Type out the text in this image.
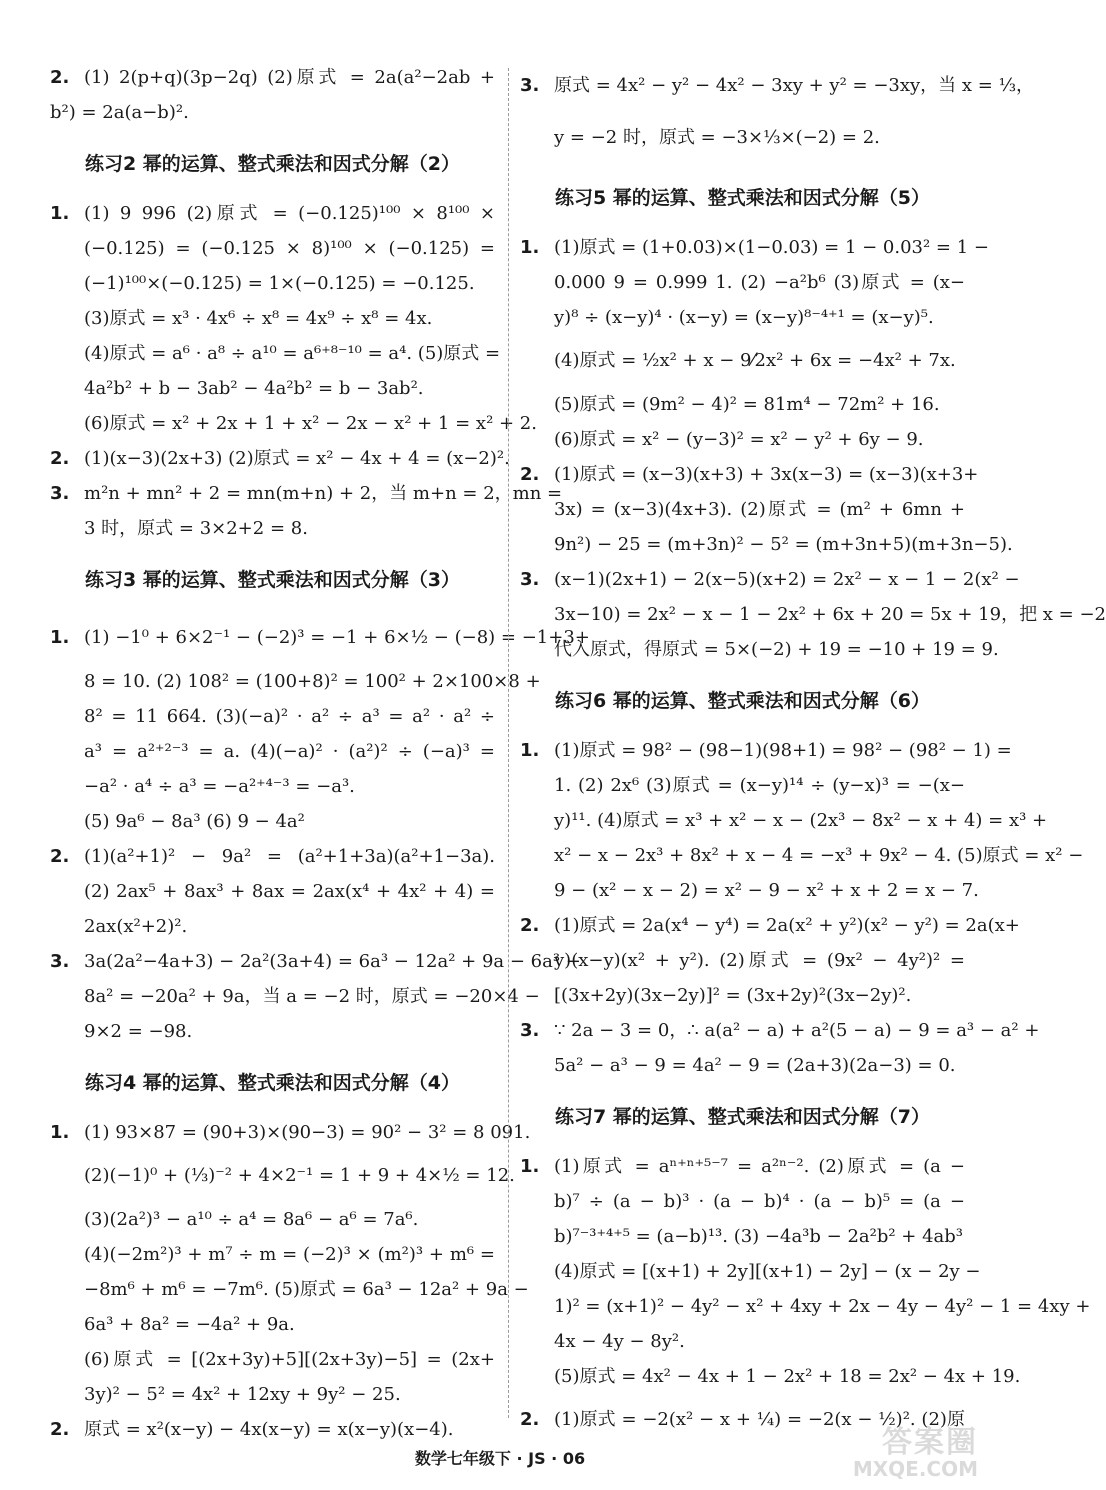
2. (1) 2(p+q)(3p−2q) (2)原式 = 2a(a²−2ab +
b²) = 2a(a−b)².
练习2 幂的运算、整式乘法和因式分解（2）
1. (1) 9 996 (2)原式 = (−0.125)¹⁰⁰ × 8¹⁰⁰ ×
(−0.125) = (−0.125 × 8)¹⁰⁰ × (−0.125) =
(−1)¹⁰⁰×(−0.125) = 1×(−0.125) = −0.125.
(3)原式 = x³ · 4x⁶ ÷ x⁸ = 4x⁹ ÷ x⁸ = 4x.
(4)原式 = a⁶ · a⁸ ÷ a¹⁰ = a⁶⁺⁸⁻¹⁰ = a⁴. (5)原式 =
4a²b² + b − 3ab² − 4a²b² = b − 3ab².
(6)原式 = x² + 2x + 1 + x² − 2x − x² + 1 = x² + 2.
2. (1)(x−3)(2x+3) (2)原式 = x² − 4x + 4 = (x−2)².
3. m²n + mn² + 2 = mn(m+n) + 2，当 m+n = 2，mn =
3 时，原式 = 3×2+2 = 8.
练习3 幂的运算、整式乘法和因式分解（3）
1. (1) −1⁰ + 6×2⁻¹ − (−2)³ = −1 + 6×½ − (−8) = −1+3+
8 = 10. (2) 108² = (100+8)² = 100² + 2×100×8 +
8² = 11 664. (3)(−a)² · a² ÷ a³ = a² · a² ÷
a³ = a²⁺²⁻³ = a. (4)(−a)² · (a²)² ÷ (−a)³ =
−a² · a⁴ ÷ a³ = −a²⁺⁴⁻³ = −a³.
(5) 9a⁶ − 8a³ (6) 9 − 4a²
2. (1)(a²+1)² − 9a² = (a²+1+3a)(a²+1−3a).
(2) 2ax⁵ + 8ax³ + 8ax = 2ax(x⁴ + 4x² + 4) =
2ax(x²+2)².
3. 3a(2a²−4a+3) − 2a²(3a+4) = 6a³ − 12a² + 9a − 6a³ −
8a² = −20a² + 9a，当 a = −2 时，原式 = −20×4 −
9×2 = −98.
练习4 幂的运算、整式乘法和因式分解（4）
1. (1) 93×87 = (90+3)×(90−3) = 90² − 3² = 8 091.
(2)(−1)⁰ + (⅓)⁻² + 4×2⁻¹ = 1 + 9 + 4×½ = 12.
(3)(2a²)³ − a¹⁰ ÷ a⁴ = 8a⁶ − a⁶ = 7a⁶.
(4)(−2m²)³ + m⁷ ÷ m = (−2)³ × (m²)³ + m⁶ =
−8m⁶ + m⁶ = −7m⁶. (5)原式 = 6a³ − 12a² + 9a −
6a³ + 8a² = −4a² + 9a.
(6)原式 = [(2x+3y)+5][(2x+3y)−5] = (2x+
3y)² − 5² = 4x² + 12xy + 9y² − 25.
2. 原式 = x²(x−y) − 4x(x−y) = x(x−y)(x−4).
3. 原式 = 4x² − y² − 4x² − 3xy + y² = −3xy，当 x = ⅓，
y = −2 时，原式 = −3×⅓×(−2) = 2.
练习5 幂的运算、整式乘法和因式分解（5）
1. (1)原式 = (1+0.03)×(1−0.03) = 1 − 0.03² = 1 −
0.000 9 = 0.999 1. (2) −a²b⁶ (3)原式 = (x−
y)⁸ ÷ (x−y)⁴ · (x−y) = (x−y)⁸⁻⁴⁺¹ = (x−y)⁵.
(4)原式 = ½x² + x − 9⁄2x² + 6x = −4x² + 7x.
(5)原式 = (9m² − 4)² = 81m⁴ − 72m² + 16.
(6)原式 = x² − (y−3)² = x² − y² + 6y − 9.
2. (1)原式 = (x−3)(x+3) + 3x(x−3) = (x−3)(x+3+
3x) = (x−3)(4x+3). (2)原式 = (m² + 6mn +
9n²) − 25 = (m+3n)² − 5² = (m+3n+5)(m+3n−5).
3. (x−1)(2x+1) − 2(x−5)(x+2) = 2x² − x − 1 − 2(x² −
3x−10) = 2x² − x − 1 − 2x² + 6x + 20 = 5x + 19，把 x = −2
代入原式，得原式 = 5×(−2) + 19 = −10 + 19 = 9.
练习6 幂的运算、整式乘法和因式分解（6）
1. (1)原式 = 98² − (98−1)(98+1) = 98² − (98² − 1) =
1. (2) 2x⁶ (3)原式 = (x−y)¹⁴ ÷ (y−x)³ = −(x−
y)¹¹. (4)原式 = x³ + x² − x − (2x³ − 8x² − x + 4) = x³ +
x² − x − 2x³ + 8x² + x − 4 = −x³ + 9x² − 4. (5)原式 = x² −
9 − (x² − x − 2) = x² − 9 − x² + x + 2 = x − 7.
2. (1)原式 = 2a(x⁴ − y⁴) = 2a(x² + y²)(x² − y²) = 2a(x+
y)(x−y)(x² + y²). (2)原式 = (9x² − 4y²)² =
[(3x+2y)(3x−2y)]² = (3x+2y)²(3x−2y)².
3. ∵ 2a − 3 = 0，∴ a(a² − a) + a²(5 − a) − 9 = a³ − a² +
5a² − a³ − 9 = 4a² − 9 = (2a+3)(2a−3) = 0.
练习7 幂的运算、整式乘法和因式分解（7）
1. (1)原式 = aⁿ⁺ⁿ⁺⁵⁻⁷ = a²ⁿ⁻². (2)原式 = (a −
b)⁷ ÷ (a − b)³ · (a − b)⁴ · (a − b)⁵ = (a −
b)⁷⁻³⁺⁴⁺⁵ = (a−b)¹³. (3) −4a³b − 2a²b² + 4ab³
(4)原式 = [(x+1) + 2y][(x+1) − 2y] − (x − 2y −
1)² = (x+1)² − 4y² − x² + 4xy + 2x − 4y − 4y² − 1 = 4xy +
4x − 4y − 8y².
(5)原式 = 4x² − 4x + 1 − 2x² + 18 = 2x² − 4x + 19.
2. (1)原式 = −2(x² − x + ¼) = −2(x − ½)². (2)原
数学七年级下 · JS · 06	答案圈
MXQE.COM
